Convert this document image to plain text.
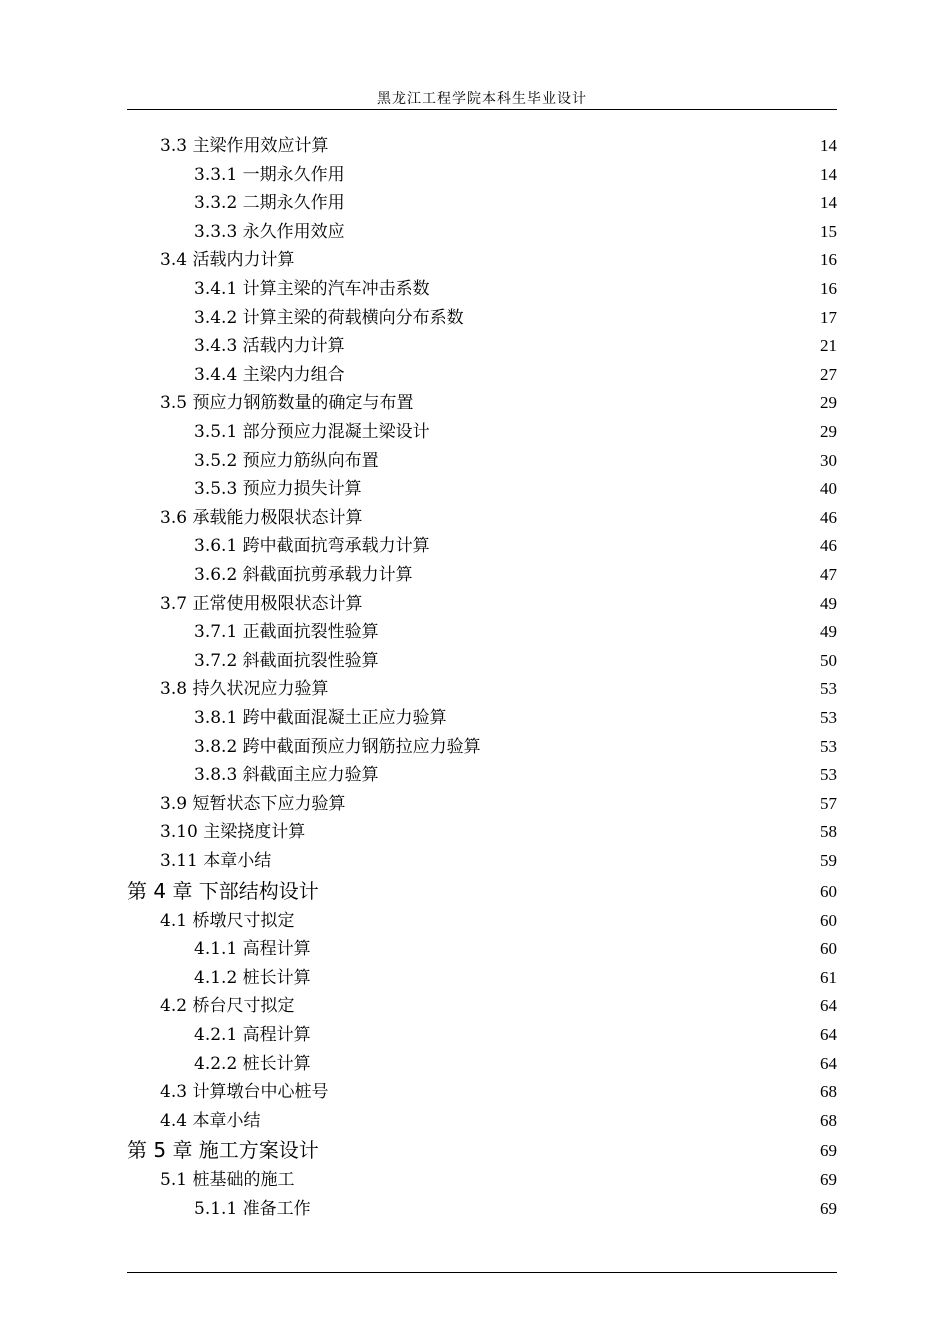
黑龙江工程学院本科生毕业设计
3.3 主梁作用效应计算	14
3.3.1 一期永久作用	14
3.3.2 二期永久作用	14
3.3.3 永久作用效应	15
3.4 活载内力计算	16
3.4.1 计算主梁的汽车冲击系数	16
3.4.2 计算主梁的荷载横向分布系数	17
3.4.3 活载内力计算	21
3.4.4 主梁内力组合	27
3.5 预应力钢筋数量的确定与布置	29
3.5.1 部分预应力混凝土梁设计	29
3.5.2 预应力筋纵向布置	30
3.5.3 预应力损失计算	40
3.6 承载能力极限状态计算	46
3.6.1 跨中截面抗弯承载力计算	46
3.6.2 斜截面抗剪承载力计算	47
3.7 正常使用极限状态计算	49
3.7.1 正截面抗裂性验算	49
3.7.2 斜截面抗裂性验算	50
3.8 持久状况应力验算	53
3.8.1 跨中截面混凝土正应力验算	53
3.8.2 跨中截面预应力钢筋拉应力验算	53
3.8.3 斜截面主应力验算	53
3.9 短暂状态下应力验算	57
3.10 主梁挠度计算	58
3.11 本章小结	59
第 4 章 下部结构设计	60
4.1 桥墩尺寸拟定	60
4.1.1 高程计算	60
4.1.2 桩长计算	61
4.2 桥台尺寸拟定	64
4.2.1 高程计算	64
4.2.2 桩长计算	64
4.3 计算墩台中心桩号	68
4.4 本章小结	68
第 5 章 施工方案设计	69
5.1 桩基础的施工	69
5.1.1 准备工作	69
